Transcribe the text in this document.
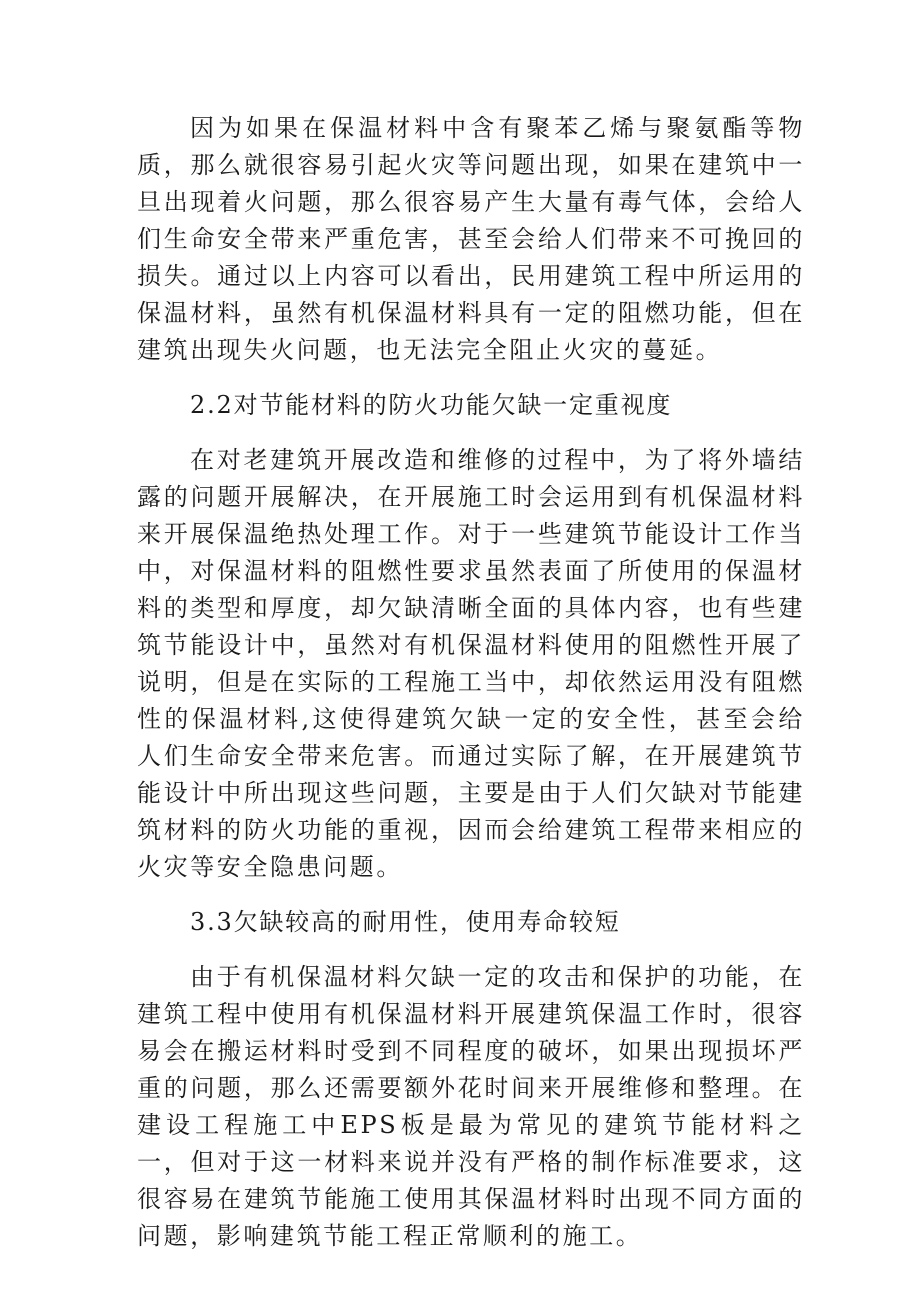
因为如果在保温材料中含有聚苯乙烯与聚氨酯等物质，那么就很容易引起火灾等问题出现，如果在建筑中一旦出现着火问题，那么很容易产生大量有毒气体，会给人们生命安全带来严重危害，甚至会给人们带来不可挽回的损失。通过以上内容可以看出，民用建筑工程中所运用的保温材料，虽然有机保温材料具有一定的阻燃功能，但在建筑出现失火问题，也无法完全阻止火灾的蔓延。

2.2对节能材料的防火功能欠缺一定重视度

在对老建筑开展改造和维修的过程中，为了将外墙结露的问题开展解决，在开展施工时会运用到有机保温材料来开展保温绝热处理工作。对于一些建筑节能设计工作当中，对保温材料的阻燃性要求虽然表面了所使用的保温材料的类型和厚度，却欠缺清晰全面的具体内容，也有些建筑节能设计中，虽然对有机保温材料使用的阻燃性开展了说明，但是在实际的工程施工当中，却依然运用没有阻燃性的保温材料,这使得建筑欠缺一定的安全性，甚至会给人们生命安全带来危害。而通过实际了解，在开展建筑节能设计中所出现这些问题，主要是由于人们欠缺对节能建筑材料的防火功能的重视，因而会给建筑工程带来相应的火灾等安全隐患问题。

3.3欠缺较高的耐用性，使用寿命较短

由于有机保温材料欠缺一定的攻击和保护的功能，在建筑工程中使用有机保温材料开展建筑保温工作时，很容易会在搬运材料时受到不同程度的破坏，如果出现损坏严重的问题，那么还需要额外花时间来开展维修和整理。在建设工程施工中EPS板是最为常见的建筑节能材料之一，但对于这一材料来说并没有严格的制作标准要求，这很容易在建筑节能施工使用其保温材料时出现不同方面的问题，影响建筑节能工程正常顺利的施工。
